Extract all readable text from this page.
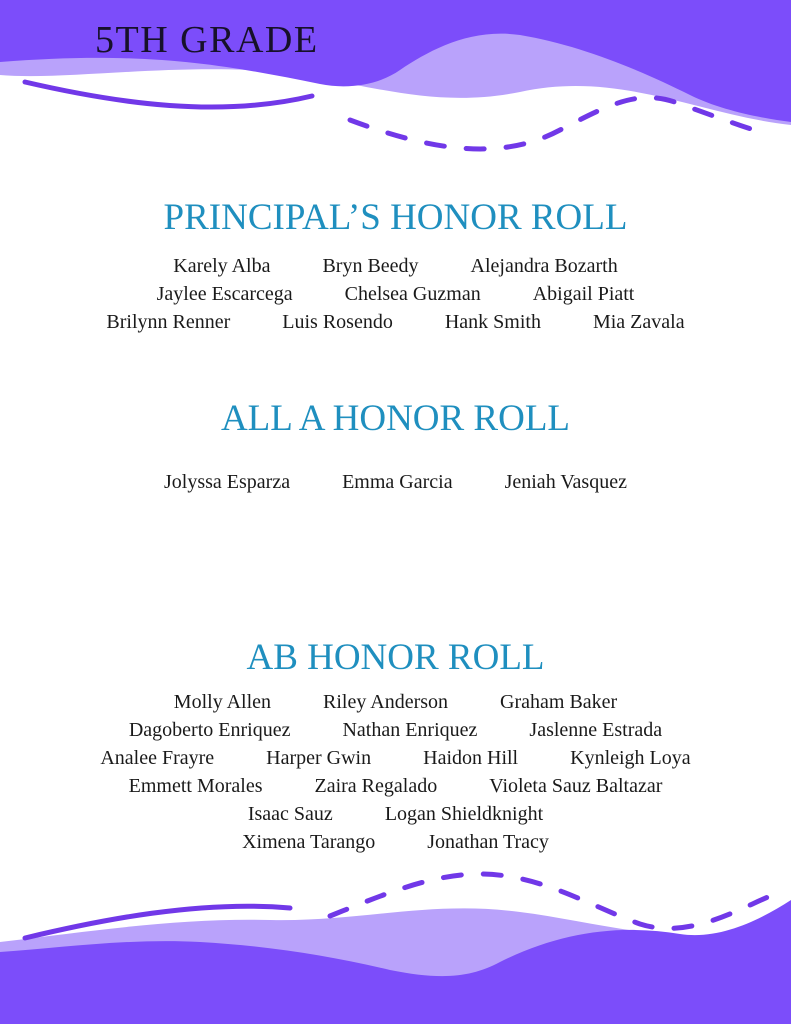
5TH GRADE
PRINCIPAL’S HONOR ROLL
Karely Alba	Bryn Beedy	Alejandra Bozarth
Jaylee Escarcega	Chelsea Guzman	Abigail Piatt
Brilynn Renner	Luis Rosendo	Hank Smith	Mia Zavala
ALL A HONOR ROLL
Jolyssa Esparza	Emma Garcia	Jeniah Vasquez
AB HONOR ROLL
Molly Allen	Riley Anderson	Graham Baker
Dagoberto Enriquez	Nathan Enriquez	Jaslenne Estrada
Analee Frayre	Harper Gwin	Haidon Hill	Kynleigh Loya
Emmett Morales	Zaira Regalado	Violeta Sauz Baltazar
Isaac Sauz	Logan Shieldknight
Ximena Tarango	Jonathan Tracy
